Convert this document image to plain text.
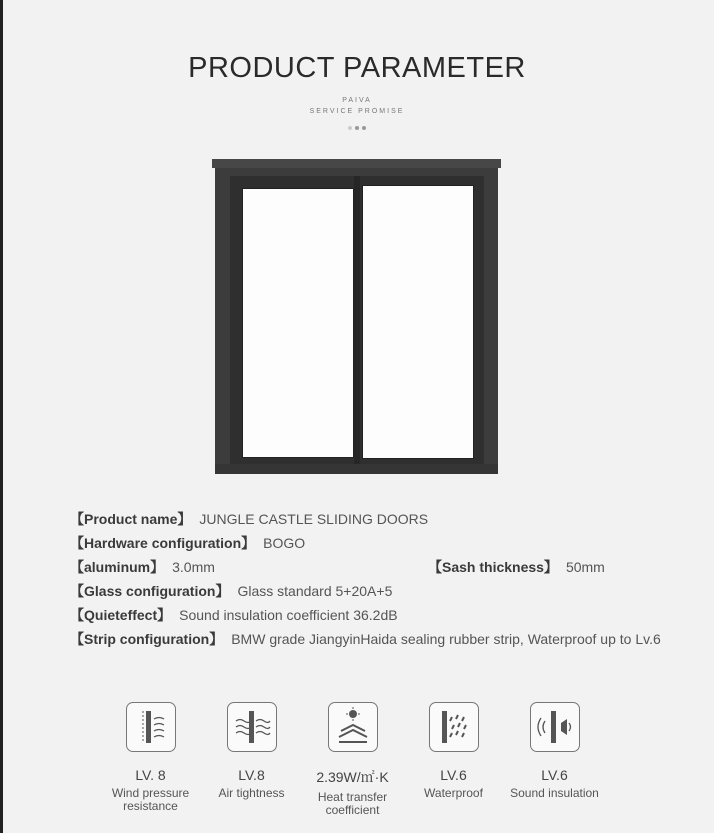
PRODUCT PARAMETER
PAIVA
SERVICE PROMISE
【Product name】 JUNGLE CASTLE SLIDING DOORS
【Hardware configuration】 BOGO
【aluminum】 3.0mm	【Sash thickness】 50mm
【Glass configuration】 Glass standard 5+20A+5
【Quieteffect】 Sound insulation coefficient 36.2dB
【Strip configuration】 BMW grade JiangyinHaida sealing rubber strip, Waterproof up to Lv.6
LV. 8
Wind pressure
resistance
LV.8
Air tightness
2.39W/㎡·K
Heat transfer
coefficient
LV.6
Waterproof
LV.6
Sound insulation
